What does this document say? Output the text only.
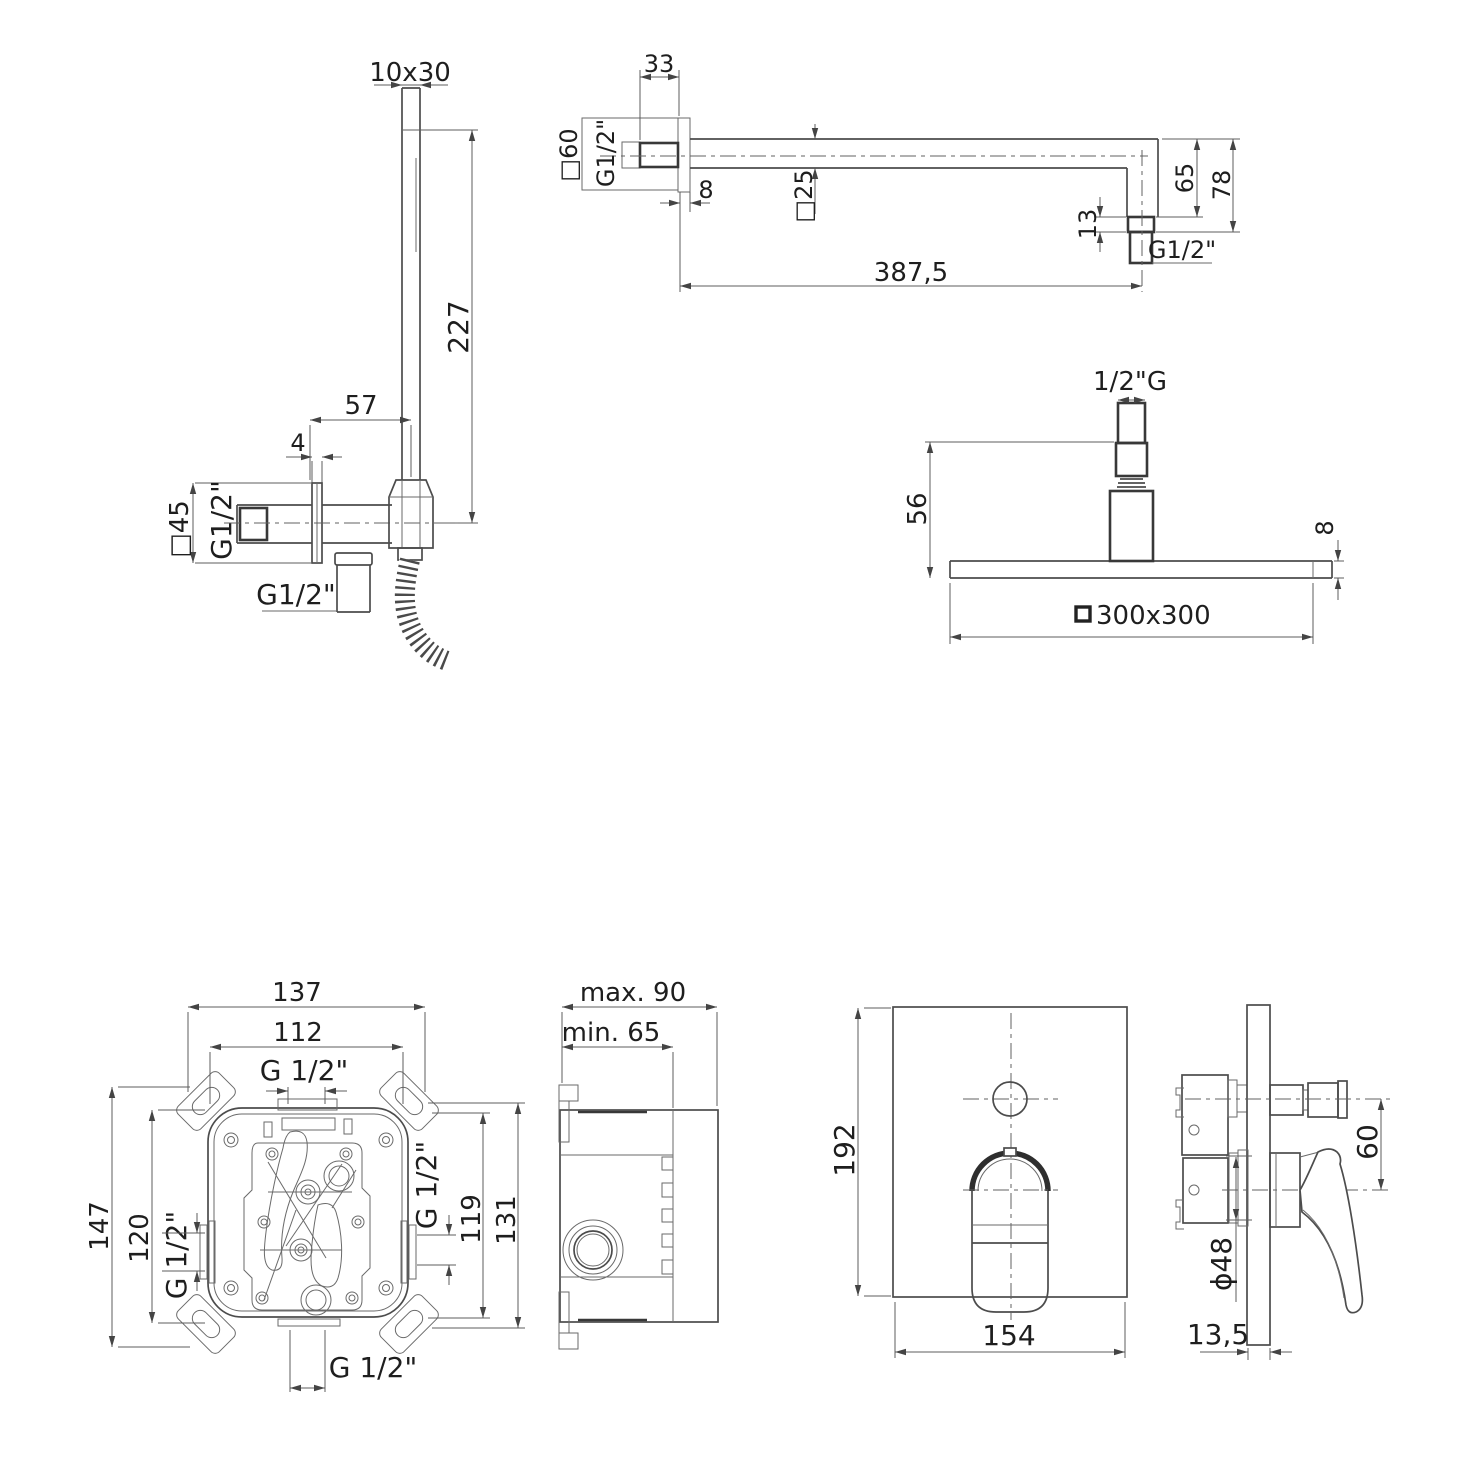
10x30
227
57
4
G1/2"
□45
G1/2"
33
□60 G1/2"
8	□25
387,5
13
G1/2"
65 78
1/2"G
56
8
300x300
137
112
G 1/2"
147 120 G 1/2"
G 1/2" 119 131
G 1/2"
max. 90
min. 65
192
154
60
ϕ48
13,5
